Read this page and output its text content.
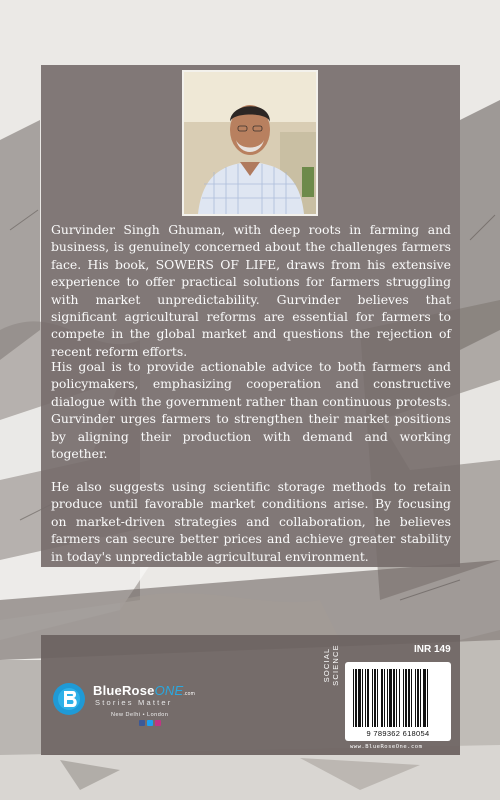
Gurvinder Singh Ghuman, with deep roots in farming and business, is genuinely concerned about the challenges farmers face. His book, SOWERS OF LIFE, draws from his extensive experience to offer practical solutions for farmers struggling with market unpredictability. Gurvinder believes that significant agricultural reforms are essential for farmers to compete in the global market and questions the rejection of recent reform efforts.

His goal is to provide actionable advice to both farmers and policymakers, emphasizing cooperation and constructive dialogue with the government rather than continuous protests. Gurvinder urges farmers to strengthen their market positions by aligning their production with demand and working together.

He also suggests using scientific storage methods to retain produce until favorable market conditions arise. By focusing on market-driven strategies and collaboration, he believes farmers can secure better prices and achieve greater stability in today's unpredictable agricultural environment.

BlueRoseONE.com
Stories Matter
New Delhi • London
SOCIAL SCIENCE	INR 149
9 789362 618054
www.BlueRoseOne.com
